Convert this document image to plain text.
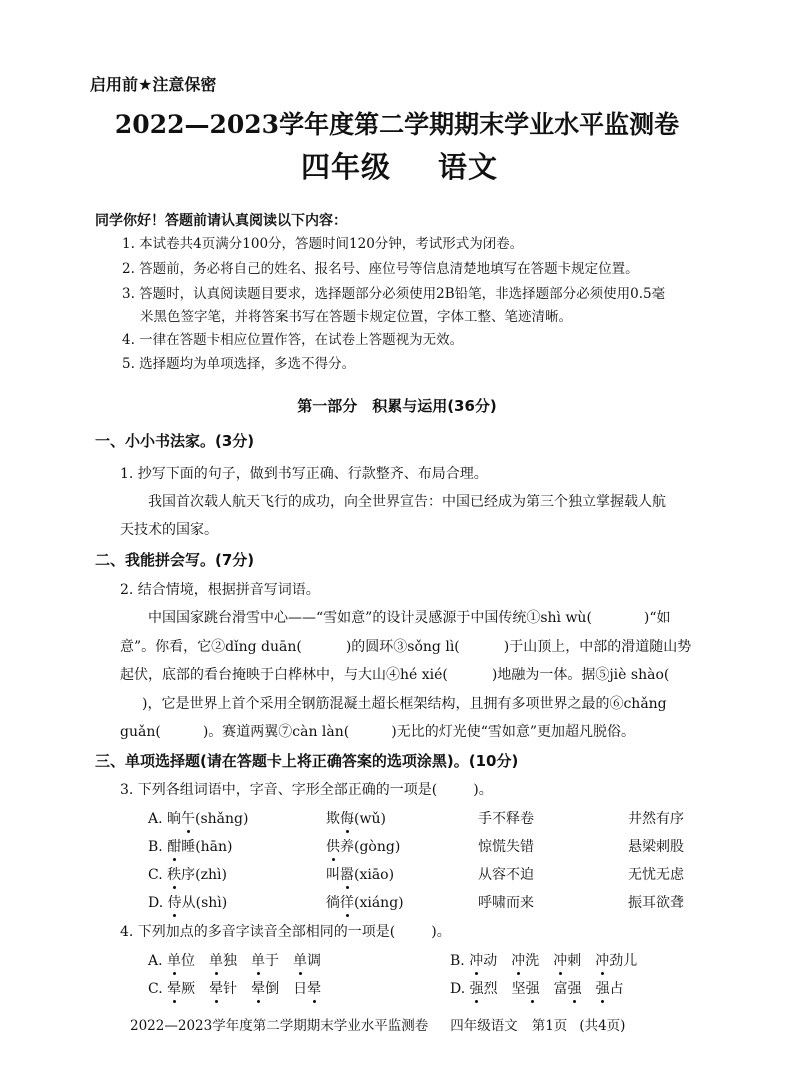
启用前★注意保密
2022—2023学年度第二学期期末学业水平监测卷
四年级 语文
同学你好！答题前请认真阅读以下内容：
1. 本试卷共4页满分100分，答题时间120分钟，考试形式为闭卷。
2. 答题前，务必将自己的姓名、报名号、座位号等信息清楚地填写在答题卡规定位置。
3. 答题时，认真阅读题目要求，选择题部分必须使用2B铅笔，非选择题部分必须使用0.5毫
米黑色签字笔，并将答案书写在答题卡规定位置，字体工整、笔迹清晰。
4. 一律在答题卡相应位置作答，在试卷上答题视为无效。
5. 选择题均为单项选择，多选不得分。
第一部分　积累与运用(36分)
一、小小书法家。(3分)
1. 抄写下面的句子，做到书写正确、行款整齐、布局合理。
我国首次载人航天飞行的成功，向全世界宣告：中国已经成为第三个独立掌握载人航
天技术的国家。
二、我能拼会写。(7分)
2. 结合情境，根据拼音写词语。
中国国家跳台滑雪中心——“雪如意”的设计灵感源于中国传统①shì wù(	)“如
意”。你看，它②dǐng duān(	)的圆环③sǒng lì(	)于山顶上，中部的滑道随山势
起伏，底部的看台掩映于白桦林中，与大山④hé xié(	)地融为一体。据⑤jiè shào(
)，它是世界上首个采用全钢筋混凝土超长框架结构，且拥有多项世界之最的⑥chǎng
guǎn(	)。赛道两翼⑦càn làn(	)无比的灯光使“雪如意”更加超凡脱俗。
三、单项选择题(请在答题卡上将正确答案的选项涂黑)。(10分)
3. 下列各组词语中，字音、字形全部正确的一项是(	)。
A. 晌午(shǎng)	欺侮(wǔ)	手不释卷	井然有序
B. 酣睡(hān)	供养(gòng)	惊慌失错	悬梁刺股
C. 秩序(zhì)	叫嚣(xiāo)	从容不迫	无忧无虑
D. 侍从(shì)	徜徉(xiáng)	呼啸而来	振耳欲聋
4. 下列加点的多音字读音全部相同的一项是(	)。
A. 单位　单独　单于　单调	B. 冲动　冲洗　冲刺　冲劲儿
C. 晕厥　晕针　晕倒　日晕	D. 强烈　坚强　富强　 强占
2022—2023学年度第二学期期末学业水平监测卷 四年级语文 第1页 (共4页)
